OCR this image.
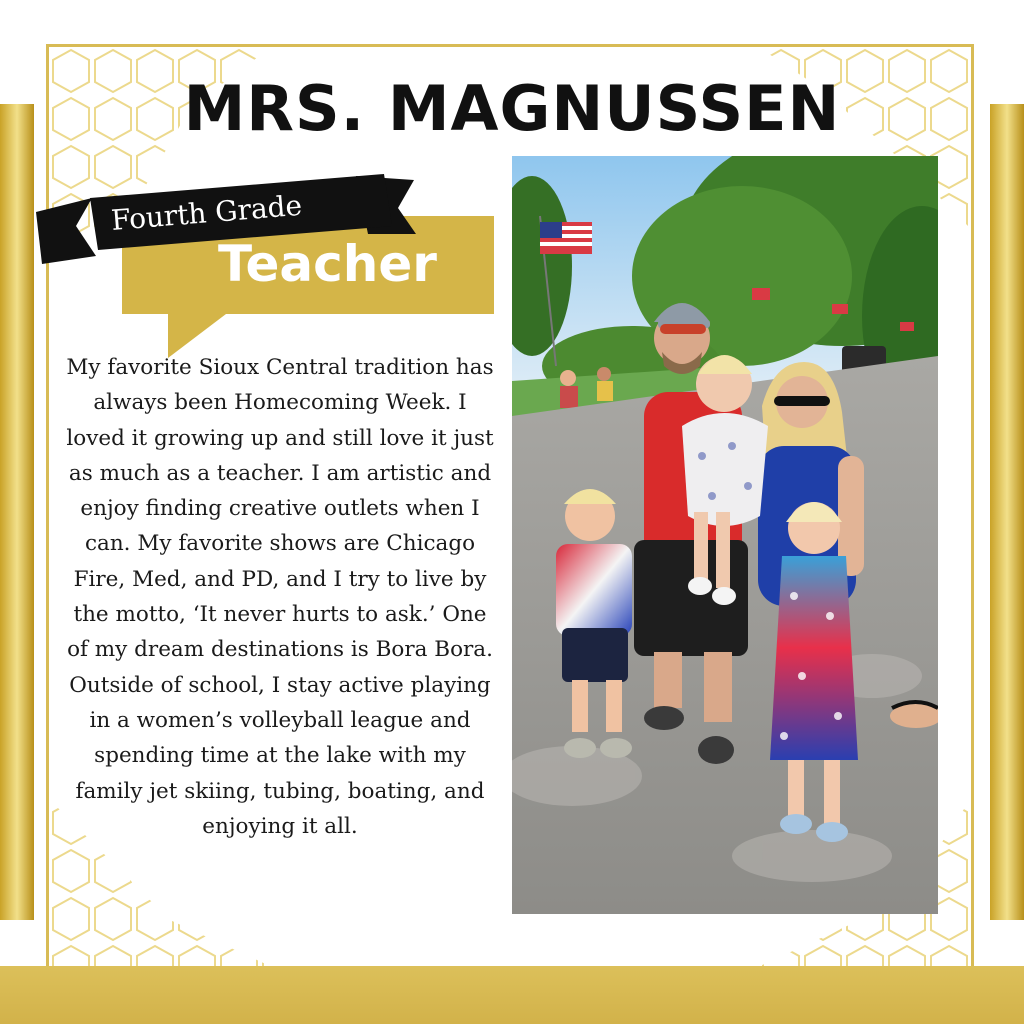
MRS. MAGNUSSEN
Fourth Grade
Teacher
My favorite Sioux Central tradition has always been Homecoming Week. I loved it growing up and still love it just as much as a teacher. I am artistic and enjoy finding creative outlets when I can. My favorite shows are Chicago Fire, Med, and PD, and I try to live by the motto, ‘It never hurts to ask.’ One of my dream destinations is Bora Bora. Outside of school, I stay active playing in a women’s volleyball league and spending time at the lake with my family jet skiing, tubing, boating, and enjoying it all.
